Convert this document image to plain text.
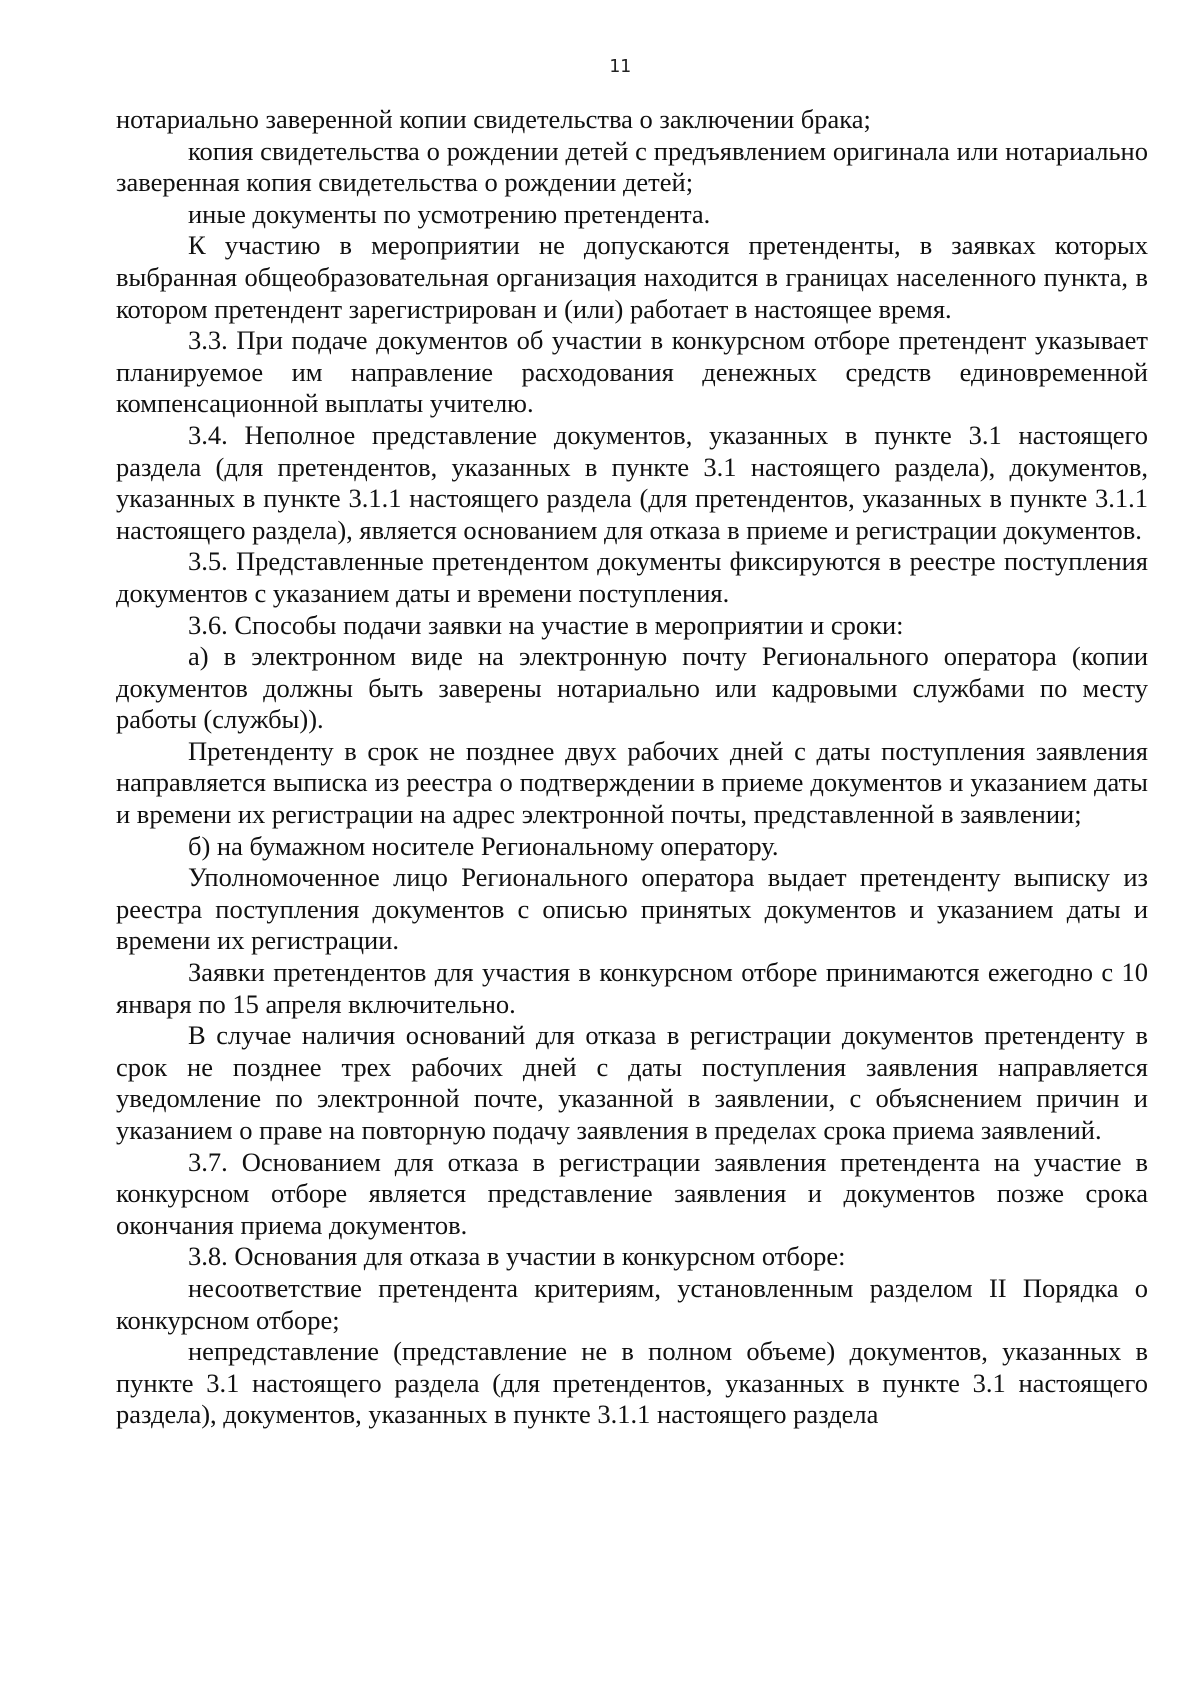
11

нотариально заверенной копии свидетельства о заключении брака;

копия свидетельства о рождении детей с предъявлением оригинала или нотариально заверенная копия свидетельства о рождении детей;

иные документы по усмотрению претендента.

К участию в мероприятии не допускаются претенденты, в заявках которых выбранная общеобразовательная организация находится в границах населенного пункта, в котором претендент зарегистрирован и (или) работает в настоящее время.

3.3. При подаче документов об участии в конкурсном отборе претендент указывает планируемое им направление расходования денежных средств единовременной компенсационной выплаты учителю.

3.4. Неполное представление документов, указанных в пункте 3.1 настоящего раздела (для претендентов, указанных в пункте 3.1 настоящего раздела), документов, указанных в пункте 3.1.1 настоящего раздела (для претендентов, указанных в пункте 3.1.1 настоящего раздела), является основанием для отказа в приеме и регистрации документов.

3.5. Представленные претендентом документы фиксируются в реестре поступления документов с указанием даты и времени поступления.

3.6. Способы подачи заявки на участие в мероприятии и сроки:

а) в электронном виде на электронную почту Регионального оператора (копии документов должны быть заверены нотариально или кадровыми службами по месту работы (службы)).

Претенденту в срок не позднее двух рабочих дней с даты поступления заявления направляется выписка из реестра о подтверждении в приеме документов и указанием даты и времени их регистрации на адрес электронной почты, представленной в заявлении;

б) на бумажном носителе Региональному оператору.

Уполномоченное лицо Регионального оператора выдает претенденту выписку из реестра поступления документов с описью принятых документов и указанием даты и времени их регистрации.

Заявки претендентов для участия в конкурсном отборе принимаются ежегодно с 10 января по 15 апреля включительно.

В случае наличия оснований для отказа в регистрации документов претенденту в срок не позднее трех рабочих дней с даты поступления заявления направляется уведомление по электронной почте, указанной в заявлении, с объяснением причин и указанием о праве на повторную подачу заявления в пределах срока приема заявлений.

3.7. Основанием для отказа в регистрации заявления претендента на участие в конкурсном отборе является представление заявления и документов позже срока окончания приема документов.

3.8. Основания для отказа в участии в конкурсном отборе:

несоответствие претендента критериям, установленным разделом II Порядка о конкурсном отборе;

непредставление (представление не в полном объеме) документов, указанных в пункте 3.1 настоящего раздела (для претендентов, указанных в пункте 3.1 настоящего раздела), документов, указанных в пункте 3.1.1 настоящего раздела
